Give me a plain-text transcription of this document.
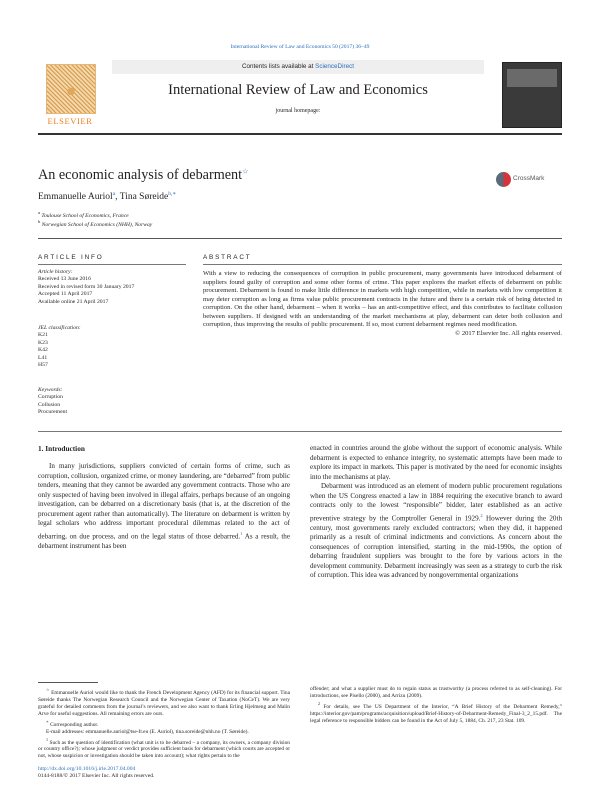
International Review of Law and Economics 50 (2017) 36–49
ELSEVIER
Contents lists available at ScienceDirect
International Review of Law and Economics
journal homepage:
An economic analysis of debarment☆
CrossMark
Emmanuelle Auriol$^a$, Tina Søreide$^{b,∗}$
$^a$ Toulouse School of Economics, France
$^b$ Norwegian School of Economics (NHH), Norway
ARTICLE INFO	ABSTRACT
Article history:
Received 13 June 2016
Received in revised form 30 January 2017
Accepted 11 April 2017
Available online 21 April 2017
JEL classification:
K21
K23
K42
L41
H57
Keywords:
Corruption
Collusion
Procurement
With a view to reducing the consequences of corruption in public procurement, many governments have introduced debarment of suppliers found guilty of corruption and some other forms of crime. This paper explores the market effects of debarment on public procurement. Debarment is found to make little difference in markets with high competition, while in markets with low competition it may deter corruption as long as firms value public procurement contracts in the future and there is a certain risk of being detected in corruption. On the other hand, debarment – when it works – has an anti-competitive effect, and this contributes to facilitate collusion between suppliers. If designed with an understanding of the market mechanisms at play, debarment can deter both collusion and corruption, thus improving the results of public procurement. If so, most current debarment regimes need modification.
© 2017 Elsevier Inc. All rights reserved.
1. Introduction

In many jurisdictions, suppliers convicted of certain forms of crime, such as corruption, collusion, organized crime, or money laundering, are “debarred” from public tenders, meaning that they cannot be awarded any government contracts. Those who are only suspected of having been involved in illegal affairs, perhaps because of an ongoing investigation, can be debarred on a discretionary basis (that is, at the discretion of the procurement agent rather than automatically). The literature on debarment is written by legal scholars who address important procedural dilemmas related to the act of debarring, on due process, and on the legal status of those debarred.$^1$ As a result, the debarment instrument has been

enacted in countries around the globe without the support of economic analysis. While debarment is expected to enhance integrity, no systematic attempts have been made to explore its impact in markets. This paper is motivated by the need for economic insights into the mechanisms at play.

Debarment was introduced as an element of modern public procurement regulations when the US Congress enacted a law in 1884 requiring the executive branch to award contracts only to the lowest “responsible” bidder, later established as an active preventive strategy by the Comptroller General in 1929.$^2$ However during the 20th century, most governments rarely excluded contractors; when they did, it happened primarily as a result of criminal indictments and convictions. As concern about the consequences of corruption intensified, starting in the mid-1990s, the option of debarring fraudulent suppliers was brought to the fore by various actors in the development community. Debarment increasingly was seen as a strategy to curb the risk of corruption. This idea was advanced by nongovernmental organizations

☆ Emmanuelle Auriol would like to thank the French Development Agency (AFD) for its financial support. Tina Søreide thanks The Norwegian Research Council and the Norwegian Center of Taxation (NoCeT). We are very grateful for detailed comments from the journal’s reviewers, and we also want to thank Erling Hjelmeng and Malin Arve for useful suggestions. All remaining errors are ours.

∗ Corresponding author.

E-mail addresses: emmanuelle.auriol@tse-fr.eu (E. Auriol), tina.soreide@nhh.no (T. Søreide).

$^1$ Such as the question of identification (what unit is to be debarred – a company, its owners, a company division or country office?); whose judgment or verdict provides sufficient basis for debarment (which courts are accepted or not, whose suspicion or investigation should be taken into account); what rights pertain to the

offender; and what a supplier must do to regain status as trustworthy (a process referred to as self-cleaning). For introductions, see Pisello (2000), and Arrizu (2009).

$^2$ For details, see The US Department of the Interior, “A Brief History of the Debarment Remedy,” https://interior.gov/pam/programs/acquisition/upload/Brief-History-of-Debarment-Remedy_Final-3_2_15.pdf. The legal reference to responsible bidders can be found in the Act of July 5, 1884, Ch. 217, 23 Stat. 109.

http://dx.doi.org/10.1016/j.irle.2017.04.004
0144-8188/© 2017 Elsevier Inc. All rights reserved.
